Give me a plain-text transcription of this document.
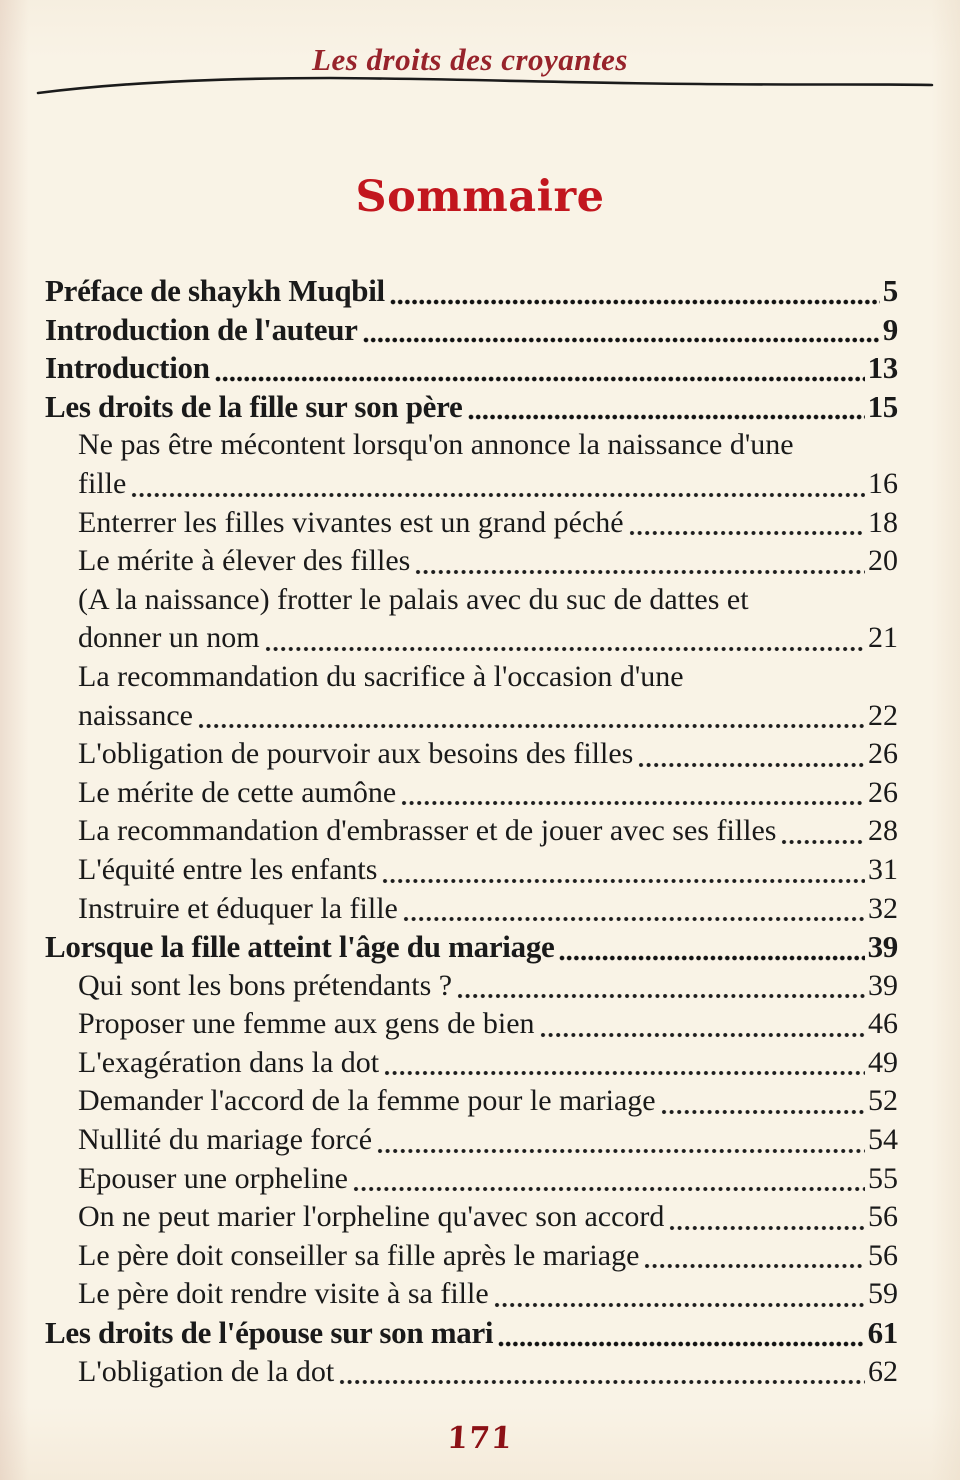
Les droits des croyantes
Sommaire
Préface de shaykh Muqbil	5
Introduction de l'auteur	9
Introduction	13
Les droits de la fille sur son père	15
Ne pas être mécontent lorsqu'on annonce la naissance d'une
fille	16
Enterrer les filles vivantes est un grand péché	18
Le mérite à élever des filles	20
(A la naissance) frotter le palais avec du suc de dattes et
donner un nom	21
La recommandation du sacrifice à l'occasion d'une
naissance	22
L'obligation de pourvoir aux besoins des filles	26
Le mérite de cette aumône	26
La recommandation d'embrasser et de jouer avec ses filles	28
L'équité entre les enfants	31
Instruire et éduquer la fille	32
Lorsque la fille atteint l'âge du mariage	39
Qui sont les bons prétendants ?	39
Proposer une femme aux gens de bien	46
L'exagération dans la dot	49
Demander l'accord de la femme pour le mariage	52
Nullité du mariage forcé	54
Epouser une orpheline	55
On ne peut marier l'orpheline qu'avec son accord	56
Le père doit conseiller sa fille après le mariage	56
Le père doit rendre visite à sa fille	59
Les droits de l'épouse sur son mari	61
L'obligation de la dot	62
171
